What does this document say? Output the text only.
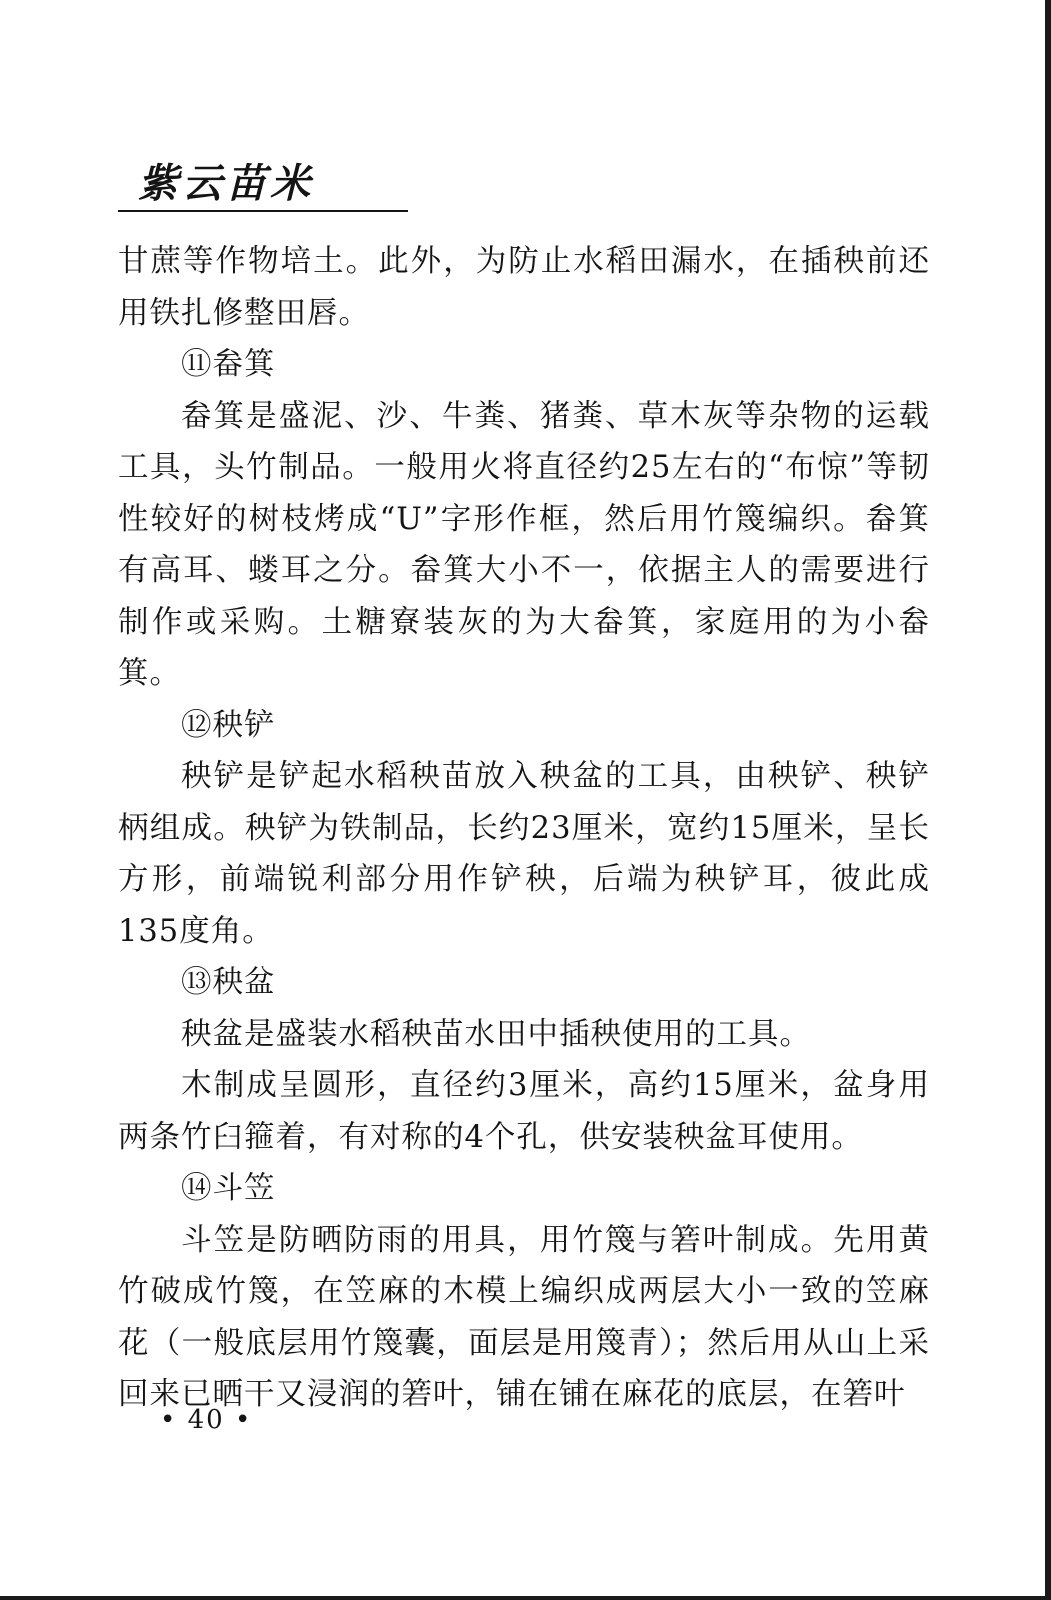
紫云苗米

甘蔗等作物培土。此外，为防止水稻田漏水，在插秧前还用铁扎修整田唇。

⑪畚箕

畚箕是盛泥、沙、牛粪、猪粪、草木灰等杂物的运载工具，头竹制品。一般用火将直径约25左右的“布惊”等韧性较好的树枝烤成“U”字形作框，然后用竹篾编织。畚箕有高耳、蝼耳之分。畚箕大小不一，依据主人的需要进行制作或采购。土糖寮装灰的为大畚箕，家庭用的为小畚箕。

⑫秧铲

秧铲是铲起水稻秧苗放入秧盆的工具，由秧铲、秧铲柄组成。秧铲为铁制品，长约23厘米，宽约15厘米，呈长方形，前端锐利部分用作铲秧，后端为秧铲耳，彼此成135度角。

⑬秧盆

秧盆是盛装水稻秧苗水田中插秧使用的工具。

木制成呈圆形，直径约3厘米，高约15厘米，盆身用两条竹臼箍着，有对称的4个孔，供安装秧盆耳使用。

⑭斗笠

斗笠是防晒防雨的用具，用竹篾与箬叶制成。先用黄竹破成竹篾，在笠麻的木模上编织成两层大小一致的笠麻花（一般底层用竹篾囊，面层是用篾青）；然后用从山上采回来已晒干又浸润的箬叶，铺在铺在麻花的底层，在箬叶

• 40 •
